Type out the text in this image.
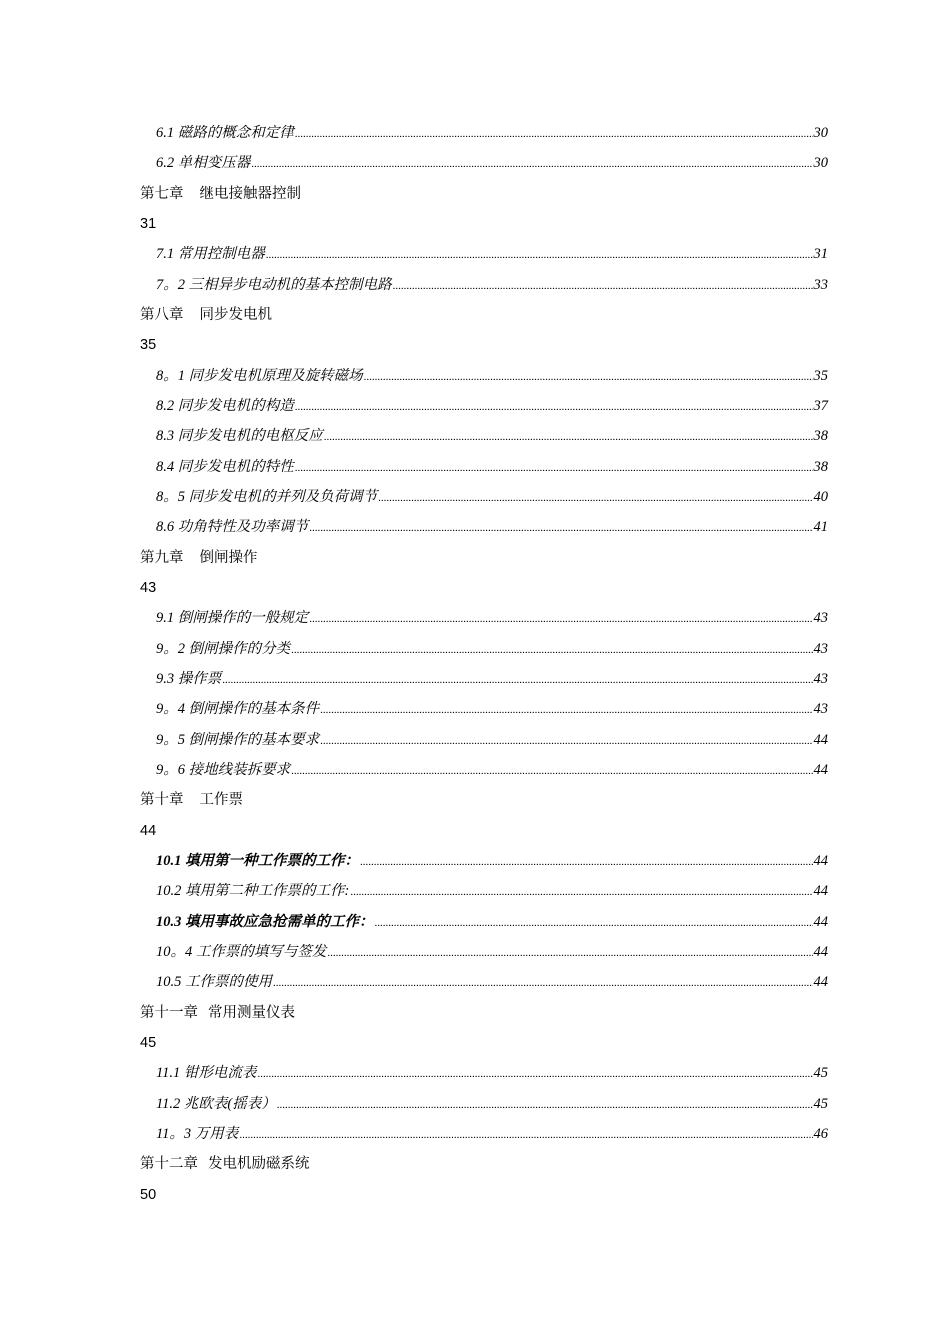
6.1 磁路的概念和定律 .....	30
6.2 单相变压器 .....	30
第七章 继电接触器控制
31
7.1 常用控制电器 .....	31
7。2 三相异步电动机的基本控制电路 .....	33
第八章 同步发电机
35
8。1 同步发电机原理及旋转磁场 .....	35
8.2 同步发电机的构造 .....	37
8.3 同步发电机的电枢反应 .....	38
8.4 同步发电机的特性 .....	38
8。5 同步发电机的并列及负荷调节 .....	40
8.6 功角特性及功率调节 .....	41
第九章 倒闸操作
43
9.1 倒闸操作的一般规定 .....	43
9。2 倒闸操作的分类 .....	43
9.3 操作票 .....	43
9。4 倒闸操作的基本条件 .....	43
9。5 倒闸操作的基本要求 .....	44
9。6 接地线装拆要求 .....	44
第十章 工作票
44
10.1 填用第一种工作票的工作： .....	44
10.2 填用第二种工作票的工作: .....	44
10.3 填用事故应急抢需单的工作： .....	44
10。4 工作票的填写与签发 .....	44
10.5 工作票的使用 .....	44
第十一章 常用测量仪表
45
11.1 钳形电流表 .....	45
11.2 兆欧表(摇表） .....	45
11。3 万用表 .....	46
第十二章 发电机励磁系统
50
